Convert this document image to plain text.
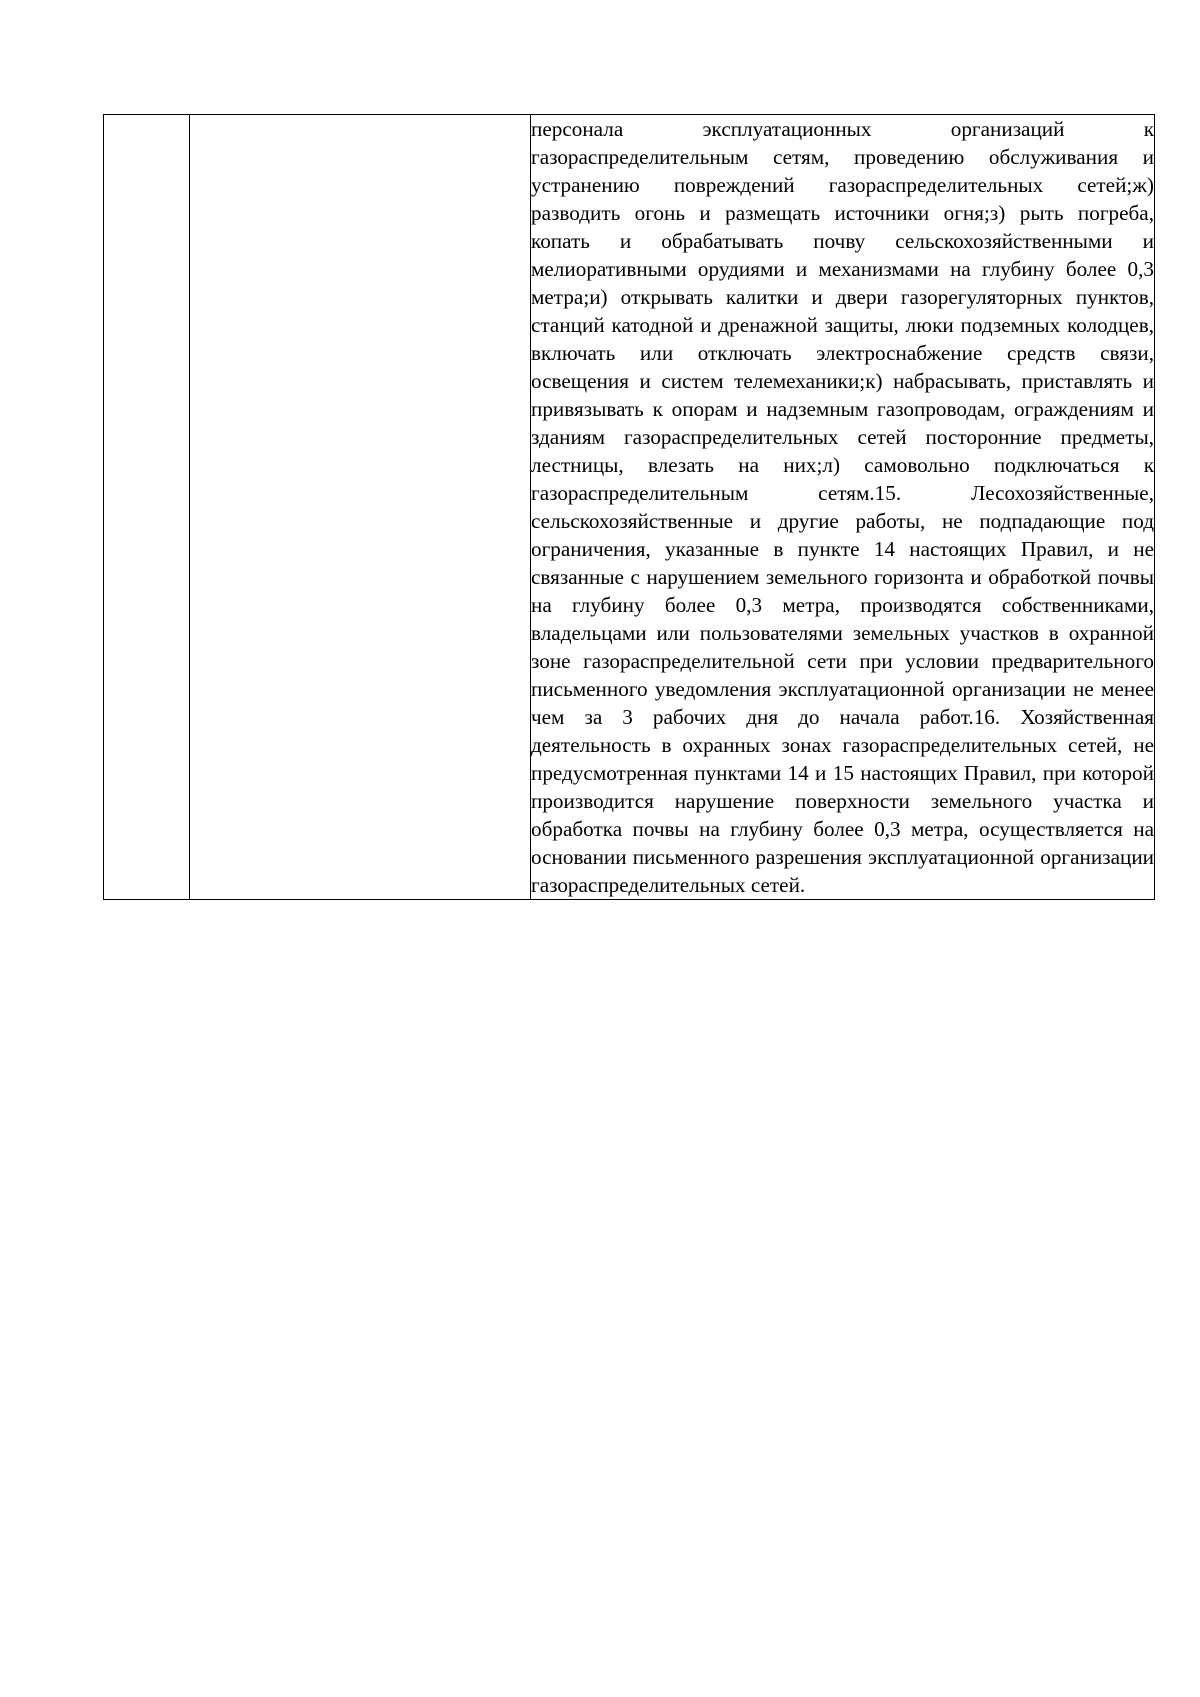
персонала эксплуатационных организаций к газораспределительным сетям, проведению обслуживания и устранению повреждений газораспределительных сетей;ж) разводить огонь и размещать источники огня;з) рыть погреба, копать и обрабатывать почву сельскохозяйственными и мелиоративными орудиями и механизмами на глубину более 0,3 метра;и) открывать калитки и двери газорегуляторных пунктов, станций катодной и дренажной защиты, люки подземных колодцев, включать или отключать электроснабжение средств связи, освещения и систем телемеханики;к) набрасывать, приставлять и привязывать к опорам и надземным газопроводам, ограждениям и зданиям газораспределительных сетей посторонние предметы, лестницы, влезать на них;л) самовольно подключаться к газораспределительным сетям.15. Лесохозяйственные, сельскохозяйственные и другие работы, не подпадающие под ограничения, указанные в пункте 14 настоящих Правил, и не связанные с нарушением земельного горизонта и обработкой почвы на глубину более 0,3 метра, производятся собственниками, владельцами или пользователями земельных участков в охранной зоне газораспределительной сети при условии предварительного письменного уведомления эксплуатационной организации не менее чем за 3 рабочих дня до начала работ.16. Хозяйственная деятельность в охранных зонах газораспределительных сетей, не предусмотренная пунктами 14 и 15 настоящих Правил, при которой производится нарушение поверхности земельного участка и обработка почвы на глубину более 0,3 метра, осуществляется на основании письменного разрешения эксплуатационной организации газораспределительных сетей.
